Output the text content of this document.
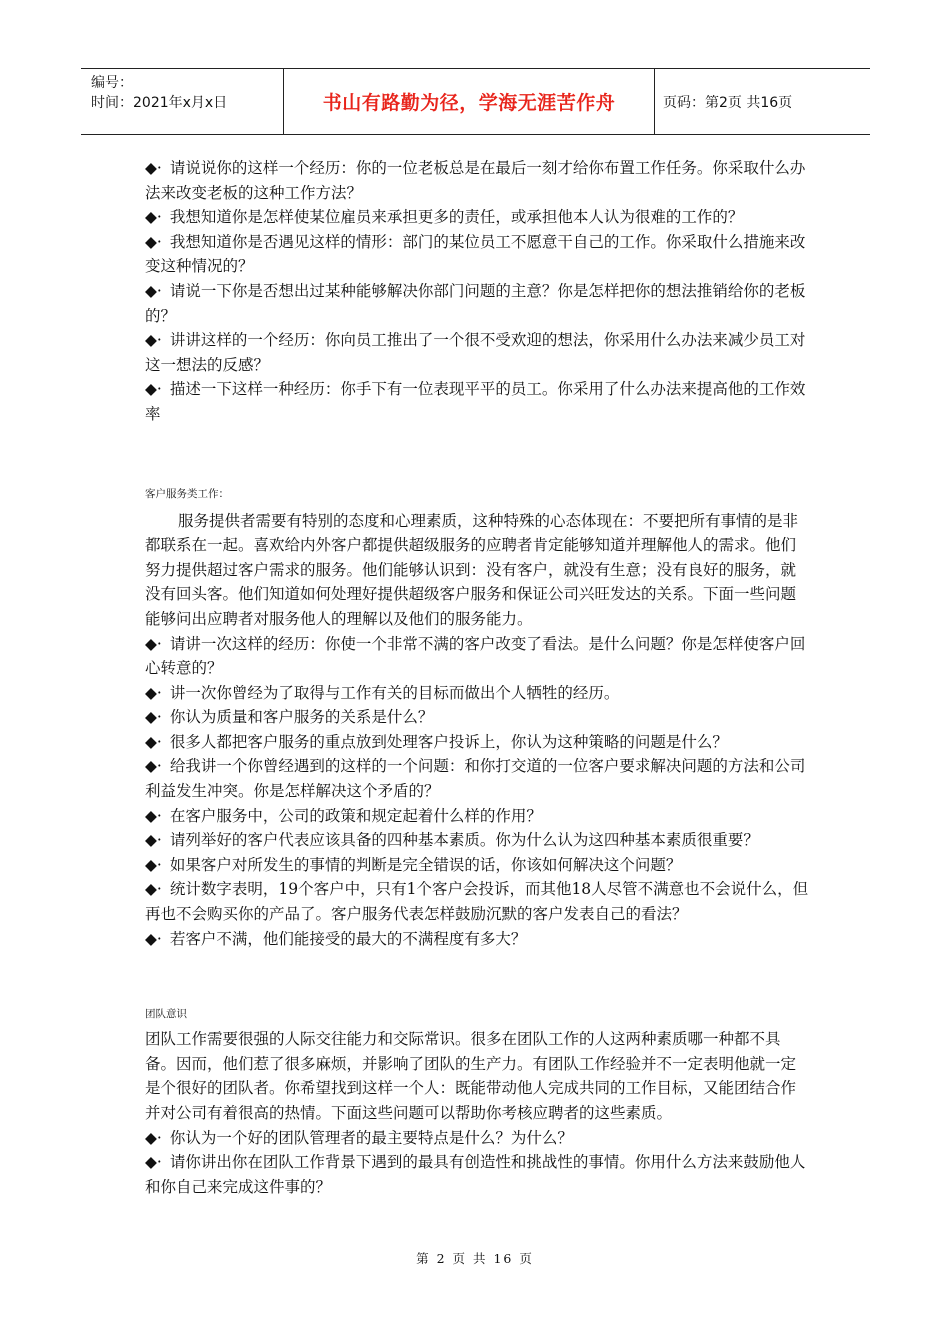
编号：
时间：2021年x月x日	书山有路勤为径，学海无涯苦作舟	页码：第2页 共16页

◆· 请说说你的这样一个经历：你的一位老板总是在最后一刻才给你布置工作任务。你采取什么办法来改变老板的这种工作方法？

◆· 我想知道你是怎样使某位雇员来承担更多的责任，或承担他本人认为很难的工作的？

◆· 我想知道你是否遇见这样的情形：部门的某位员工不愿意干自己的工作。你采取什么措施来改变这种情况的？

◆· 请说一下你是否想出过某种能够解决你部门问题的主意？你是怎样把你的想法推销给你的老板的？

◆· 讲讲这样的一个经历：你向员工推出了一个很不受欢迎的想法，你采用什么办法来减少员工对这一想法的反感？

◆· 描述一下这样一种经历：你手下有一位表现平平的员工。你采用了什么办法来提高他的工作效率

客户服务类工作：

服务提供者需要有特别的态度和心理素质，这种特殊的心态体现在：不要把所有事情的是非都联系在一起。喜欢给内外客户都提供超级服务的应聘者肯定能够知道并理解他人的需求。他们努力提供超过客户需求的服务。他们能够认识到：没有客户，就没有生意；没有良好的服务，就没有回头客。他们知道如何处理好提供超级客户服务和保证公司兴旺发达的关系。下面一些问题能够问出应聘者对服务他人的理解以及他们的服务能力。

◆· 请讲一次这样的经历：你使一个非常不满的客户改变了看法。是什么问题？你是怎样使客户回心转意的？

◆· 讲一次你曾经为了取得与工作有关的目标而做出个人牺牲的经历。

◆· 你认为质量和客户服务的关系是什么？

◆· 很多人都把客户服务的重点放到处理客户投诉上，你认为这种策略的问题是什么？

◆· 给我讲一个你曾经遇到的这样的一个问题：和你打交道的一位客户要求解决问题的方法和公司利益发生冲突。你是怎样解决这个矛盾的？

◆· 在客户服务中，公司的政策和规定起着什么样的作用？

◆· 请列举好的客户代表应该具备的四种基本素质。你为什么认为这四种基本素质很重要？

◆· 如果客户对所发生的事情的判断是完全错误的话，你该如何解决这个问题？

◆· 统计数字表明，19个客户中，只有1个客户会投诉，而其他18人尽管不满意也不会说什么，但再也不会购买你的产品了。客户服务代表怎样鼓励沉默的客户发表自己的看法？

◆· 若客户不满，他们能接受的最大的不满程度有多大？

团队意识

团队工作需要很强的人际交往能力和交际常识。很多在团队工作的人这两种素质哪一种都不具备。因而，他们惹了很多麻烦，并影响了团队的生产力。有团队工作经验并不一定表明他就一定是个很好的团队者。你希望找到这样一个人：既能带动他人完成共同的工作目标，又能团结合作并对公司有着很高的热情。下面这些问题可以帮助你考核应聘者的这些素质。

◆· 你认为一个好的团队管理者的最主要特点是什么？为什么？

◆· 请你讲出你在团队工作背景下遇到的最具有创造性和挑战性的事情。你用什么方法来鼓励他人和你自己来完成这件事的？

第 2 页 共 16 页
